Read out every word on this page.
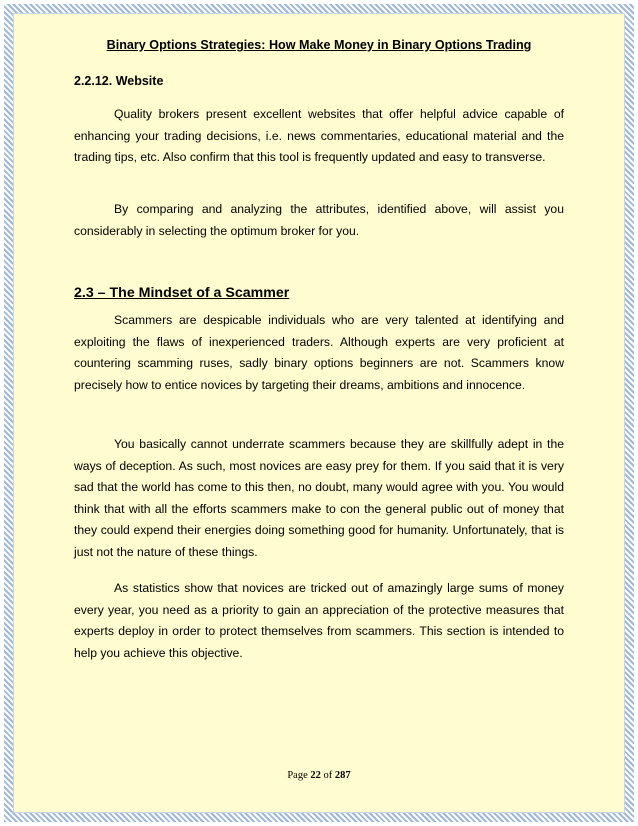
Binary Options Strategies: How Make Money in Binary Options Trading
2.2.12. Website

Quality brokers present excellent websites that offer helpful advice capable of enhancing your trading decisions, i.e. news commentaries, educational material and the trading tips, etc. Also confirm that this tool is frequently updated and easy to transverse.

By comparing and analyzing the attributes, identified above, will assist you considerably in selecting the optimum broker for you.

2.3 – The Mindset of a Scammer

Scammers are despicable individuals who are very talented at identifying and exploiting the flaws of inexperienced traders. Although experts are very proficient at countering scamming ruses, sadly binary options beginners are not. Scammers know precisely how to entice novices by targeting their dreams, ambitions and innocence.

You basically cannot underrate scammers because they are skillfully adept in the ways of deception. As such, most novices are easy prey for them. If you said that it is very sad that the world has come to this then, no doubt, many would agree with you. You would think that with all the efforts scammers make to con the general public out of money that they could expend their energies doing something good for humanity. Unfortunately, that is just not the nature of these things.

As statistics show that novices are tricked out of amazingly large sums of money every year, you need as a priority to gain an appreciation of the protective measures that experts deploy in order to protect themselves from scammers. This section is intended to help you achieve this objective.

Page 22 of 287
